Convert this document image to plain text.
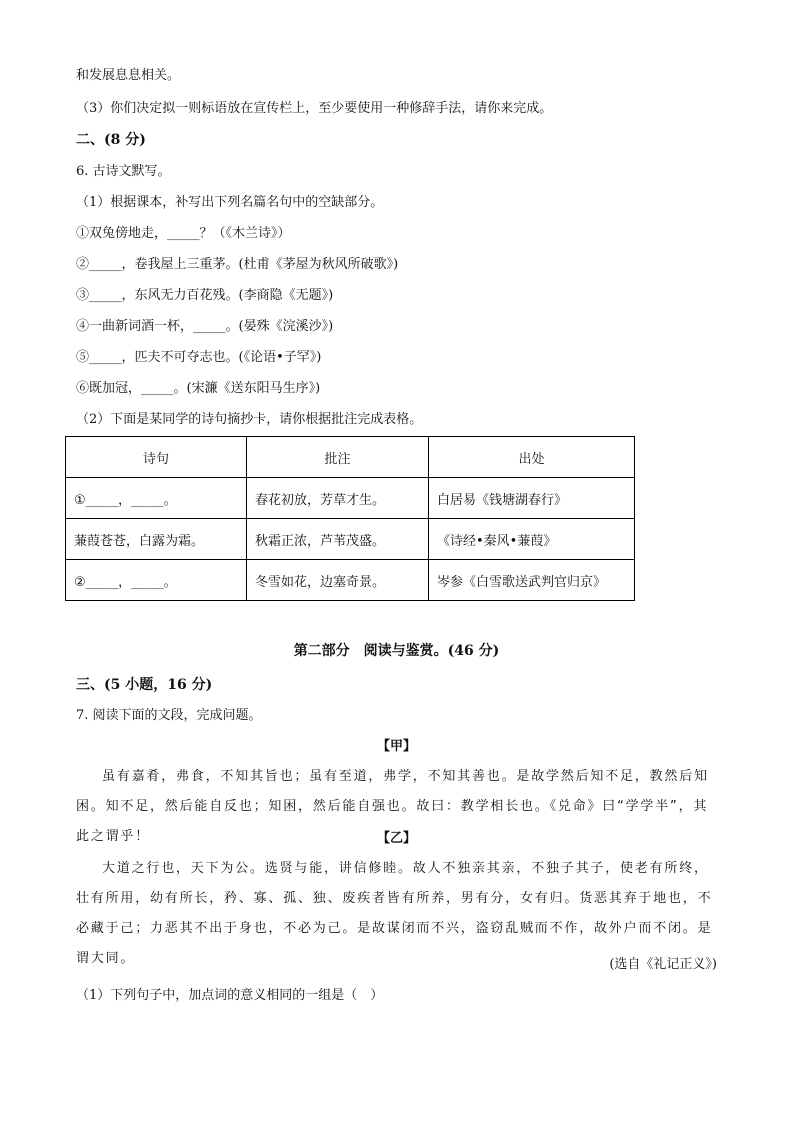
和发展息息相关。
（3）你们决定拟一则标语放在宣传栏上，至少要使用一种修辞手法，请你来完成。
二、(8 分)
6. 古诗文默写。
（1）根据课本，补写出下列名篇名句中的空缺部分。
①双兔傍地走，_____？（《木兰诗》）
②_____，卷我屋上三重茅。(杜甫《茅屋为秋风所破歌》)
③_____，东风无力百花残。(李商隐《无题》)
④一曲新词酒一杯，_____。(晏殊《浣溪沙》)
⑤_____，匹夫不可夺志也。(《论语•子罕》)
⑥既加冠，_____。(宋濂《送东阳马生序》)
（2）下面是某同学的诗句摘抄卡，请你根据批注完成表格。
诗句	批注	出处
①_____，_____。	春花初放，芳草才生。	白居易《钱塘湖春行》
蒹葭苍苍，白露为霜。	秋霜正浓，芦苇茂盛。	《诗经•秦风•蒹葭》
②_____，_____。	冬雪如花，边塞奇景。	岑参《白雪歌送武判官归京》
第二部分　阅读与鉴赏。(46 分)
三、(5 小题，16 分)
7. 阅读下面的文段，完成问题。
【甲】
虽有嘉肴，弗食，不知其旨也；虽有至道，弗学，不知其善也。是故学然后知不足，教然后知困。知不足，然后能自反也；知困，然后能自强也。故曰：教学相长也。《兑命》曰“学学半”，其此之谓乎！	【乙】
大道之行也，天下为公。选贤与能，讲信修睦。故人不独亲其亲，不独子其子，使老有所终，壮有所用，幼有所长，矜、寡、孤、独、废疾者皆有所养，男有分，女有归。货恶其弃于地也，不必藏于己；力恶其不出于身也，不必为己。是故谋闭而不兴，盗窃乱贼而不作，故外户而不闭。是谓大同。	(选自《礼记正义》)
（1）下列句子中，加点词的意义相同的一组是（　）
